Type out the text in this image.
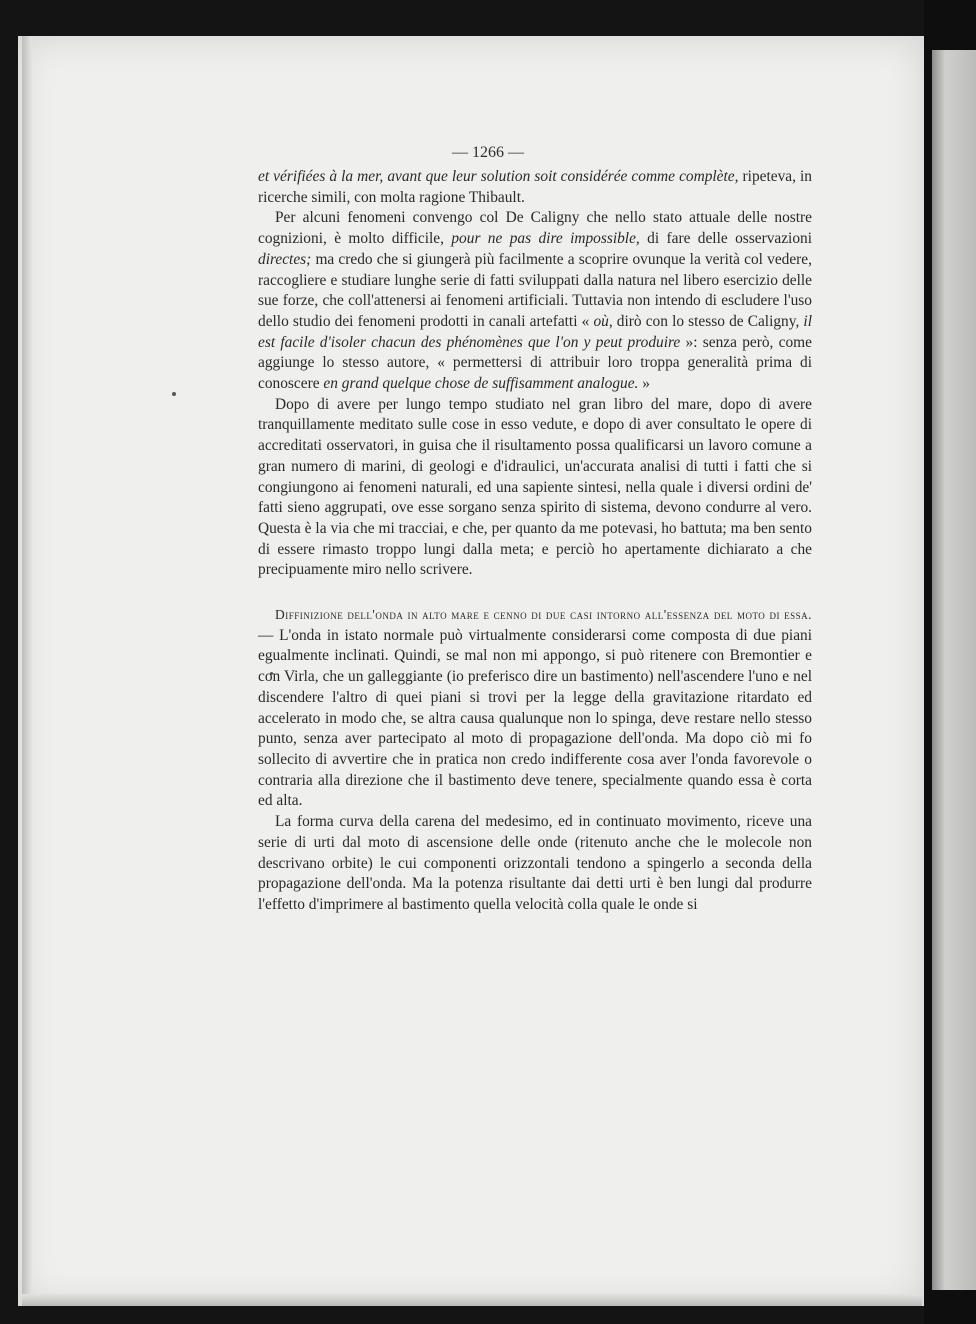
— 1266 —

et vérifiées à la mer, avant que leur solution soit considérée comme complète, ripeteva, in ricerche simili, con molta ragione Thibault.

Per alcuni fenomeni convengo col De Caligny che nello stato attuale delle nostre cognizioni, è molto difficile, pour ne pas dire impossible, di fare delle osservazioni directes; ma credo che si giungerà più facilmente a scoprire ovunque la verità col vedere, raccogliere e studiare lunghe serie di fatti sviluppati dalla natura nel libero esercizio delle sue forze, che coll'attenersi ai fenomeni artificiali. Tuttavia non intendo di escludere l'uso dello studio dei fenomeni prodotti in canali artefatti « où, dirò con lo stesso de Caligny, il est facile d'isoler chacun des phénomènes que l'on y peut produire »: senza però, come aggiunge lo stesso autore, « permettersi di attribuir loro troppa generalità prima di conoscere en grand quelque chose de suffisamment analogue. »

Dopo di avere per lungo tempo studiato nel gran libro del mare, dopo di avere tranquillamente meditato sulle cose in esso vedute, e dopo di aver consultato le opere di accreditati osservatori, in guisa che il risultamento possa qualificarsi un lavoro comune a gran numero di marini, di geologi e d'idraulici, un'accurata analisi di tutti i fatti che si congiungono ai fenomeni naturali, ed una sapiente sintesi, nella quale i diversi ordini de' fatti sieno aggrupati, ove esse sorgano senza spirito di sistema, devono condurre al vero. Questa è la via che mi tracciai, e che, per quanto da me potevasi, ho battuta; ma ben sento di essere rimasto troppo lungi dalla meta; e perciò ho apertamente dichiarato a che precipuamente miro nello scrivere.

Diffinizione dell'onda in alto mare e cenno di due casi intorno all'essenza del moto di essa. — L'onda in istato normale può virtualmente considerarsi come composta di due piani egualmente inclinati. Quindi, se mal non mi appongo, si può ritenere con Bremontier e con Virla, che un galleggiante (io preferisco dire un bastimento) nell'ascendere l'uno e nel discendere l'altro di quei piani si trovi per la legge della gravitazione ritardato ed accelerato in modo che, se altra causa qualunque non lo spinga, deve restare nello stesso punto, senza aver partecipato al moto di propagazione dell'onda. Ma dopo ciò mi fo sollecito di avvertire che in pratica non credo indifferente cosa aver l'onda favorevole o contraria alla direzione che il bastimento deve tenere, specialmente quando essa è corta ed alta.

La forma curva della carena del medesimo, ed in continuato movimento, riceve una serie di urti dal moto di ascensione delle onde (ritenuto anche che le molecole non descrivano orbite) le cui componenti orizzontali tendono a spingerlo a seconda della propagazione dell'onda. Ma la potenza risultante dai detti urti è ben lungi dal produrre l'effetto d'imprimere al bastimento quella velocità colla quale le onde si
